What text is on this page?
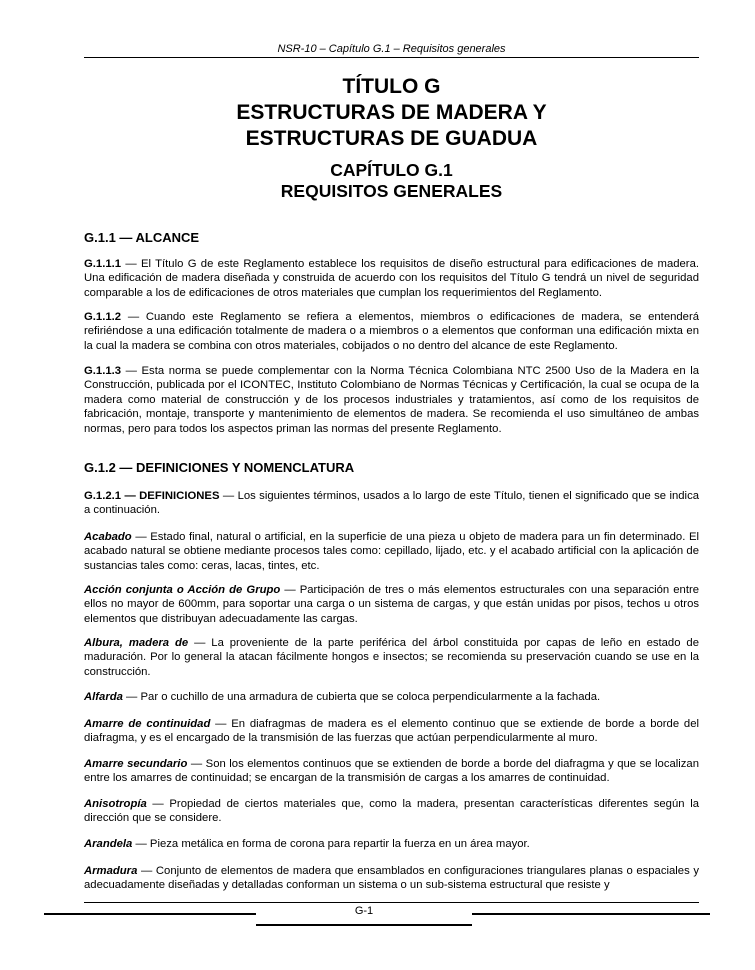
NSR-10 – Capítulo G.1 – Requisitos generales
TÍTULO G
ESTRUCTURAS DE MADERA Y
ESTRUCTURAS DE GUADUA
CAPÍTULO G.1
REQUISITOS GENERALES
G.1.1 — ALCANCE
G.1.1.1 — El Título G de este Reglamento establece los requisitos de diseño estructural para edificaciones de madera. Una edificación de madera diseñada y construida de acuerdo con los requisitos del Título G tendrá un nivel de seguridad comparable a los de edificaciones de otros materiales que cumplan los requerimientos del Reglamento.
G.1.1.2 — Cuando este Reglamento se refiera a elementos, miembros o edificaciones de madera, se entenderá refiriéndose a una edificación totalmente de madera o a miembros o a elementos que conforman una edificación mixta en la cual la madera se combina con otros materiales, cobijados o no dentro del alcance de este Reglamento.
G.1.1.3 — Esta norma se puede complementar con la Norma Técnica Colombiana NTC 2500 Uso de la Madera en la Construcción, publicada por el ICONTEC, Instituto Colombiano de Normas Técnicas y Certificación, la cual se ocupa de la madera como material de construcción y de los procesos industriales y tratamientos, así como de los requisitos de fabricación, montaje, transporte y mantenimiento de elementos de madera. Se recomienda el uso simultáneo de ambas normas, pero para todos los aspectos priman las normas del presente Reglamento.
G.1.2 — DEFINICIONES Y NOMENCLATURA
G.1.2.1 — DEFINICIONES — Los siguientes términos, usados a lo largo de este Título, tienen el significado que se indica a continuación.
Acabado — Estado final, natural o artificial, en la superficie de una pieza u objeto de madera para un fin determinado. El acabado natural se obtiene mediante procesos tales como: cepillado, lijado, etc. y el acabado artificial con la aplicación de sustancias tales como: ceras, lacas, tintes, etc.
Acción conjunta o Acción de Grupo — Participación de tres o más elementos estructurales con una separación entre ellos no mayor de 600mm, para soportar una carga o un sistema de cargas, y que están unidas por pisos, techos u otros elementos que distribuyan adecuadamente las cargas.
Albura, madera de — La proveniente de la parte periférica del árbol constituida por capas de leño en estado de maduración. Por lo general la atacan fácilmente hongos e insectos; se recomienda su preservación cuando se use en la construcción.
Alfarda — Par o cuchillo de una armadura de cubierta que se coloca perpendicularmente a la fachada.
Amarre de continuidad — En diafragmas de madera es el elemento continuo que se extiende de borde a borde del diafragma, y es el encargado de la transmisión de las fuerzas que actúan perpendicularmente al muro.
Amarre secundario — Son los elementos continuos que se extienden de borde a borde del diafragma y que se localizan entre los amarres de continuidad; se encargan de la transmisión de cargas a los amarres de continuidad.
Anisotropía — Propiedad de ciertos materiales que, como la madera, presentan características diferentes según la dirección que se considere.
Arandela — Pieza metálica en forma de corona para repartir la fuerza en un área mayor.
Armadura — Conjunto de elementos de madera que ensamblados en configuraciones triangulares planas o espaciales y adecuadamente diseñadas y detalladas conforman un sistema o un sub-sistema estructural que resiste y
G-1
